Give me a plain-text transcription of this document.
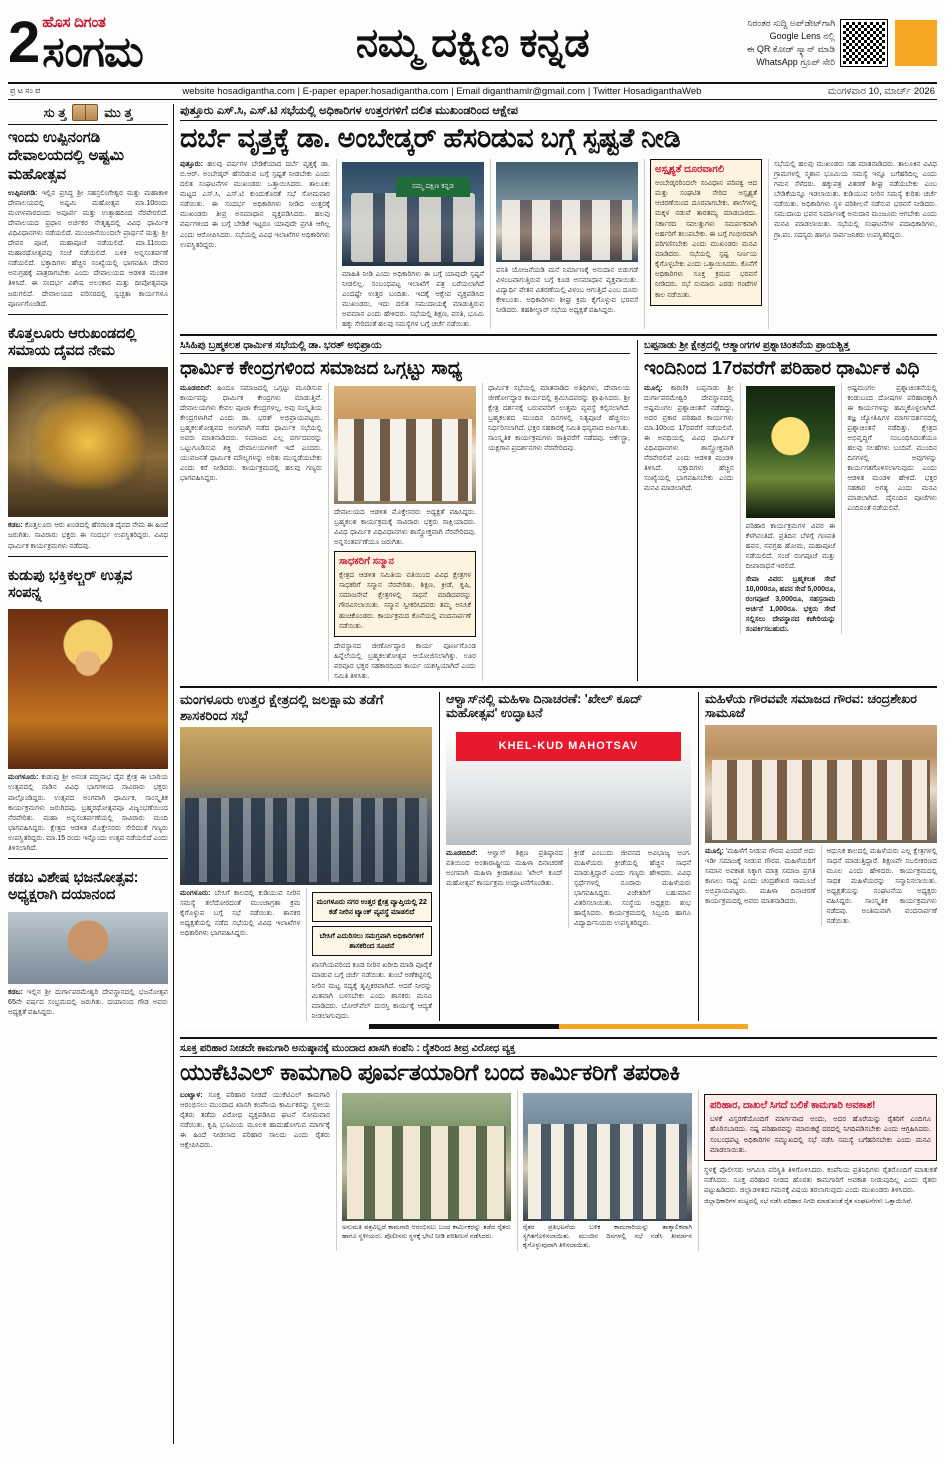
2 ಹೊಸ ದಿಗಂತ
ಸಂಗಮ	ನಮ್ಮ ದಕ್ಷಿಣ ಕನ್ನಡ	ನಿರಂತರ ಸುದ್ದಿ ಅಪ್‌ಡೇಟ್‌ಗಾಗಿ
Google Lens ನಲ್ಲಿ
ಈ QR ಕೋಡ್ ಸ್ಕ್ಯಾನ್ ಮಾಡಿ
WhatsApp ಗ್ರೂಪ್ ಸೇರಿ
ಪ್ರ ಟ ಸಂ ಪ	website hosadigantha.com | E-paper epaper.hosadigantha.com | Email diganthamlr@gmail.com | Twitter HosadiganthaWeb	ಮಂಗಳವಾರ 10, ಮಾರ್ಚ್ 2026
ಸು ತ್ತ	ಮು ತ್ತ
ಇಂದು ಉಪ್ಪಿನಂಗಡಿ ದೇವಾಲಯದಲ್ಲಿ ಅಷ್ಟಮಿ ಮಹೋತ್ಸವ
ಉಪ್ಪಿನಂಗಡಿ: ಇಲ್ಲಿನ ಪ್ರಸಿದ್ಧ ಶ್ರೀ ಸಹಸ್ರಲಿಂಗೇಶ್ವರ ಮತ್ತು ಮಹಾಕಾಳಿ ದೇವಾಲಯದಲ್ಲಿ ಅಷ್ಟಮಿ ಮಹೋತ್ಸವ ಮಾ.10ರಂದು ಮಂಗಳವಾರದಂದು ಅಪೂರ್ವ ಮತ್ತು ಉತ್ಸಾಹದಿಂದ ನೆರವೇರಲಿದೆ. ದೇವಾಲಯದ ಪ್ರಧಾನ ಅರ್ಚಕರ ನೇತೃತ್ವದಲ್ಲಿ ವಿವಿಧ ಧಾರ್ಮಿಕ ವಿಧಿವಿಧಾನಗಳು ನಡೆಯಲಿದೆ. ಮುಂಜಾನೆಯಿಂದಲೇ ಪ್ರಾರ್ಥನೆ ಮತ್ತು ಶ್ರೀ ದೇವರ ಪೂಜೆ, ಮಹಾಪೂಜೆ ನಡೆಯಲಿದೆ. ಮಾ.11ರಂದು ಮಹಾರಥೋತ್ಸವವು ಸಂಜೆ ನಡೆಯಲಿದೆ. ಬಳಿಕ ಅನ್ನಸಂತರ್ಪಣೆ ನಡೆಯಲಿದೆ. ಭಕ್ತಾದಿಗಳು ಹೆಚ್ಚಿನ ಸಂಖ್ಯೆಯಲ್ಲಿ ಭಾಗವಹಿಸಿ ದೇವರ ಅನುಗ್ರಹಕ್ಕೆ ಪಾತ್ರರಾಗಬೇಕು ಎಂದು ದೇವಾಲಯದ ಆಡಳಿತ ಮಂಡಳಿ ತಿಳಿಸಿದೆ. ಈ ಸಂದರ್ಭ ವಿಶೇಷ ಅಲಂಕಾರ ಮತ್ತು ದೀಪೋತ್ಸವವೂ ಜರುಗಲಿದೆ. ದೇವಾಲಯದ ಪರಿಸರದಲ್ಲಿ ಸ್ವಚ್ಛತಾ ಕಾರ್ಯಗಳೂ ಪೂರ್ಣಗೊಂಡಿದೆ.
ಕೊತ್ತಲೂರು ಆರುಖಂಡದಲ್ಲಿ ಸಮಾಯ ದೈವದ ನೇಮ
ಕಡಬ: ಕೊತ್ತಲೂರು ಆರು ಖಂಡದಲ್ಲಿ ಹೆಸರಾಂತ ದೈವದ ನೇಮ ಈ ಹಿಂದೆ ಜರುಗಿತು. ಸಾವಿರಾರು ಭಕ್ತರು ಈ ಸಂದರ್ಭ ಉಪಸ್ಥಿತರಿದ್ದರು. ವಿವಿಧ ಧಾರ್ಮಿಕ ಕಾರ್ಯಕ್ರಮಗಳು ನಡೆದವು.
ಕುಡುಪು ಭಕ್ತಿಕಲ್ಚರ್ ಉತ್ಸವ ಸಂಪನ್ನ
ಮಂಗಳೂರು: ಕುಡುಪು ಶ್ರೀ ಅನಂತ ಪದ್ಮನಾಭ ದೈವ ಕ್ಷೇತ್ರ ಈ ಬಾರಿಯ ಉತ್ಸವದಲ್ಲಿ ನಾಡಿನ ವಿವಿಧ ಭಾಗಗಳಿಂದ ಸಾವಿರಾರು ಭಕ್ತರು ಪಾಲ್ಗೊಂಡಿದ್ದರು. ಉತ್ಸವದ ಅಂಗವಾಗಿ ಧಾರ್ಮಿಕ, ಸಾಂಸ್ಕೃತಿಕ ಕಾರ್ಯಕ್ರಮಗಳು ಜರುಗಿದವು. ಬ್ರಹ್ಮರಥೋತ್ಸವವೂ ವಿಜೃಂಭಣೆಯಿಂದ ನೆರವೇರಿತು. ಮಹಾ ಅನ್ನಸಂತರ್ಪಣೆಯಲ್ಲಿ ಸಾವಿರಾರು ಮಂದಿ ಭಾಗವಹಿಸಿದ್ದರು. ಕ್ಷೇತ್ರದ ಆಡಳಿತ ಮೊಕ್ತೇಸರರು ಸೇರಿದಂತೆ ಗಣ್ಯರು ಉಪಸ್ಥಿತರಿದ್ದರು. ಮಾ.15 ರಂದು ಇನ್ನೊಂದು ಉತ್ಸವ ನಡೆಯಲಿದೆ ಎಂದು ತಿಳಿಸಲಾಗಿದೆ.
ಕಡಬ ವಿಶೇಷ ಭಜನೋತ್ಸವ: ಅಧ್ಯಕ್ಷರಾಗಿ ದಯಾನಂದ
ಕಡಬ: ಇಲ್ಲಿನ ಶ್ರೀ ದುರ್ಗಾಪರಮೇಶ್ವರಿ ದೇವಸ್ಥಾನದಲ್ಲಿ ಭಜನೋತ್ಸವ 65ನೇ ವರ್ಷದ ಸಂಭ್ರಮದಲ್ಲಿ ಜರುಗಿತು. ದಯಾನಂದ ಗೌಡ ಅವರು ಅಧ್ಯಕ್ಷತೆ ವಹಿಸಿದ್ದರು.
ಪುತ್ತೂರು ಎಸ್‌.ಸಿ, ಎಸ್‌.ಟಿ ಸಭೆಯಲ್ಲಿ ಅಧಿಕಾರಿಗಳ ಉತ್ತರಗಳಿಗೆ ದಲಿತ ಮುಖಂಡರಿಂದ ಆಕ್ಷೇಪ
ದರ್ಬೆ ವೃತ್ತಕ್ಕೆ ಡಾ. ಅಂಬೇಡ್ಕರ್ ಹೆಸರಿಡುವ ಬಗ್ಗೆ ಸ್ಪಷ್ಟತೆ ನೀಡಿ
ಪುತ್ತೂರು: ಹಲವು ವರ್ಷಗಳ ಬೇಡಿಕೆಯಾದ ದರ್ಬೆ ವೃತ್ತಕ್ಕೆ ಡಾ. ಬಿ.ಆರ್. ಅಂಬೇಡ್ಕರ್ ಹೆಸರಿಡುವ ಬಗ್ಗೆ ಸ್ಪಷ್ಟತೆ ನೀಡಬೇಕು ಎಂದು ದಲಿತ ಸಂಘಟನೆಗಳ ಮುಖಂಡರು ಒತ್ತಾಯಿಸಿದರು. ತಾಲೂಕು ಮಟ್ಟದ ಎಸ್‌.ಸಿ, ಎಸ್‌.ಟಿ ಕುಂದುಕೊರತೆ ಸಭೆ ಸೋಮವಾರ ನಡೆಯಿತು. ಈ ಸಂದರ್ಭ ಅಧಿಕಾರಿಗಳು ನೀಡಿದ ಉತ್ತರಕ್ಕೆ ಮುಖಂಡರು ತೀವ್ರ ಅಸಮಾಧಾನ ವ್ಯಕ್ತಪಡಿಸಿದರು. ಹಲವು ವರ್ಷಗಳಿಂದ ಈ ಬಗ್ಗೆ ಬೇಡಿಕೆ ಇಟ್ಟರೂ ಯಾವುದೇ ಪ್ರಗತಿ ಆಗಿಲ್ಲ ಎಂದು ಆರೋಪಿಸಿದರು. ಸಭೆಯಲ್ಲಿ ವಿವಿಧ ಇಲಾಖೆಗಳ ಅಧಿಕಾರಿಗಳು ಉಪಸ್ಥಿತರಿದ್ದರು.
ನಮ್ಮ ದಕ್ಷಿಣ ಕನ್ನಡ
ಮಾಹಿತಿ ನೀಡಿ ಎಂದು ಅಧಿಕಾರಿಗಳು ಈ ಬಗ್ಗೆ ಯಾವುದೇ ಸ್ಪಷ್ಟನೆ ನೀಡಲಿಲ್ಲ. ಸಂಬಂಧಪಟ್ಟ ಇಲಾಖೆಗೆ ಪತ್ರ ಬರೆಯಲಾಗಿದೆ ಎಂದಷ್ಟೇ ಉತ್ತರ ಬಂದಿತು. ಇದಕ್ಕೆ ಆಕ್ಷೇಪ ವ್ಯಕ್ತಪಡಿಸಿದ ಮುಖಂಡರು, ಇದು ದಲಿತ ಸಮುದಾಯಕ್ಕೆ ಮಾಡುತ್ತಿರುವ ಅವಮಾನ ಎಂದು ಹೇಳಿದರು. ಸಭೆಯಲ್ಲಿ ಶಿಕ್ಷಣ, ವಸತಿ, ಭೂಮಿ ಹಕ್ಕು ಸೇರಿದಂತೆ ಹಲವು ಸಮಸ್ಯೆಗಳ ಬಗ್ಗೆ ಚರ್ಚೆ ನಡೆಯಿತು.
ವಸತಿ ಯೋಜನೆಯಡಿ ಮನೆ ನಿರ್ಮಾಣಕ್ಕೆ ಅನುದಾನ ಬಿಡುಗಡೆ ವಿಳಂಬವಾಗುತ್ತಿರುವ ಬಗ್ಗೆ ಕೂಡ ಅಸಮಾಧಾನ ವ್ಯಕ್ತವಾಯಿತು. ವಿದ್ಯಾರ್ಥಿ ವೇತನ ವಿತರಣೆಯಲ್ಲಿ ವಿಳಂಬ ಆಗುತ್ತಿದೆ ಎಂಬ ದೂರು ಕೇಳಿಬಂತು. ಅಧಿಕಾರಿಗಳು ಶೀಘ್ರ ಕ್ರಮ ಕೈಗೊಳ್ಳುವ ಭರವಸೆ ನೀಡಿದರು. ತಹಶೀಲ್ದಾರ್ ಸಭೆಯ ಅಧ್ಯಕ್ಷತೆ ವಹಿಸಿದ್ದರು.
ಅಸ್ಪೃಶ್ಯತೆ ದೂರವಾಗಲಿ
ಅಂಬೇಡ್ಕರರಿಂದಲೇ ಸಂವಿಧಾನ ಪರಿಪಕ್ವ ಆದ ಮತ್ತು ಸಂಘಟಿತ ಸೇರಿದ ಅಸ್ಪೃಶ್ಯತೆ ಆಚರಣೆಯಿಂದ ದೂರವಾಗಬೇಕು. ಶಾಲೆಗಳಲ್ಲಿ ಮಕ್ಕಳ ನಡುವೆ ತಾರತಮ್ಯ ಮಾಡಬಾರದು. ಸರ್ಕಾರದ ಸವಲತ್ತುಗಳು ಸಮರ್ಪಕವಾಗಿ ಅರ್ಹರಿಗೆ ತಲುಪಬೇಕು. ಈ ಬಗ್ಗೆ ಗಂಭೀರವಾಗಿ ಪರಿಗಣಿಸಬೇಕು ಎಂದು ಮುಖಂಡರು ಮನವಿ ಮಾಡಿದರು. ಸಭೆಯಲ್ಲಿ ಸ್ಪಷ್ಟ ನಿರ್ಣಯ ಕೈಗೊಳ್ಳಬೇಕು ಎಂದು ಒತ್ತಾಯಿಸಿದರು. ಕೊನೆಗೆ ಅಧಿಕಾರಿಗಳು ಸೂಕ್ತ ಕ್ರಮದ ಭರವಸೆ ನೀಡಿದರು. ಸಭೆ ಸುಮಾರು ಎರಡು ಗಂಟೆಗಳ ಕಾಲ ನಡೆಯಿತು.
ಸಭೆಯಲ್ಲಿ ಹಲವು ಮುಖಂಡರು ಸಹ ಮಾತನಾಡಿದರು. ತಾಲೂಕಿನ ವಿವಿಧ ಗ್ರಾಮಗಳಲ್ಲಿ ಸ್ಮಶಾನ ಭೂಮಿಯ ಸಮಸ್ಯೆ ಇನ್ನೂ ಬಗೆಹರಿದಿಲ್ಲ ಎಂದು ಗಮನ ಸೆಳೆದರು. ಹಕ್ಕುಪತ್ರ ವಿತರಣೆ ಶೀಘ್ರ ನಡೆಯಬೇಕು ಎಂಬ ಬೇಡಿಕೆಯನ್ನೂ ಇಡಲಾಯಿತು. ಕುಡಿಯುವ ನೀರಿನ ಸಮಸ್ಯೆ ಕುರಿತು ಚರ್ಚೆ ನಡೆಯಿತು. ಅಧಿಕಾರಿಗಳು ಸ್ಥಳ ಪರಿಶೀಲನೆ ನಡೆಸುವ ಭರವಸೆ ನೀಡಿದರು. ಸಮುದಾಯ ಭವನ ನಿರ್ಮಾಣಕ್ಕೆ ಅನುದಾನ ಮಂಜೂರು ಆಗಬೇಕು ಎಂದು ಮನವಿ ಮಾಡಲಾಯಿತು. ಸಭೆಯಲ್ಲಿ ಸಂಘಟನೆಗಳ ಪದಾಧಿಕಾರಿಗಳು, ಗ್ರಾ.ಪಂ. ಸದಸ್ಯರು ಹಾಗೂ ಸಾರ್ವಜನಿಕರು ಉಪಸ್ಥಿತರಿದ್ದರು.
ಸಿಸಿಹಿಪು ಬ್ರಹ್ಮಕಲಶ ಧಾರ್ಮಿಕ ಸಭೆಯಲ್ಲಿ ಡಾ. ಭರತ್ ಅಭಿಪ್ರಾಯ
ಧಾರ್ಮಿಕ ಕೇಂದ್ರಗಳಿಂದ ಸಮಾಜದ ಒಗ್ಗಟ್ಟು ಸಾಧ್ಯ
ಮೂಡಬಿದಿರೆ: ಹಿಂದೂ ಸಮಾಜದಲ್ಲಿ ಒಗ್ಗಟ್ಟು ಮೂಡಿಸುವ ಕಾರ್ಯವನ್ನು ಧಾರ್ಮಿಕ ಕೇಂದ್ರಗಳು ಮಾಡುತ್ತಿವೆ. ದೇವಾಲಯಗಳು ಕೇವಲ ಪೂಜಾ ಕೇಂದ್ರಗಳಲ್ಲ, ಅವು ಸಂಸ್ಕೃತಿಯ ಕೇಂದ್ರಗಳಾಗಿವೆ ಎಂದು ಡಾ. ಭರತ್ ಅಭಿಪ್ರಾಯಪಟ್ಟರು. ಬ್ರಹ್ಮಕಲಶೋತ್ಸವದ ಅಂಗವಾಗಿ ನಡೆದ ಧಾರ್ಮಿಕ ಸಭೆಯಲ್ಲಿ ಅವರು ಮಾತನಾಡಿದರು. ಸಮಾಜದ ಎಲ್ಲ ವರ್ಗದವರನ್ನು ಒಟ್ಟುಗೂಡಿಸುವ ಶಕ್ತಿ ದೇವಾಲಯಗಳಿಗೆ ಇದೆ ಎಂದರು. ಯುವಜನತೆ ಧಾರ್ಮಿಕ ಮೌಲ್ಯಗಳನ್ನು ಅರಿತು ಮುನ್ನಡೆಯಬೇಕು ಎಂದು ಕರೆ ನೀಡಿದರು. ಕಾರ್ಯಕ್ರಮದಲ್ಲಿ ಹಲವು ಗಣ್ಯರು ಭಾಗವಹಿಸಿದ್ದರು.
ದೇವಾಲಯದ ಆಡಳಿತ ಮೊಕ್ತೇಸರರು ಅಧ್ಯಕ್ಷತೆ ವಹಿಸಿದ್ದರು. ಬ್ರಹ್ಮಕಲಶ ಕಾರ್ಯಕ್ರಮಕ್ಕೆ ಸಾವಿರಾರು ಭಕ್ತರು ಸಾಕ್ಷಿಯಾದರು. ವಿವಿಧ ಧಾರ್ಮಿಕ ವಿಧಿವಿಧಾನಗಳು ಶಾಸ್ತ್ರೋಕ್ತವಾಗಿ ನೆರವೇರಿದವು. ಅನ್ನಸಂತರ್ಪಣೆಯೂ ಜರುಗಿತು.
ಸಾಧಕರಿಗೆ ಸನ್ಮಾನ
ಕ್ಷೇತ್ರದ ಆಡಳಿತ ಸಮಿತಿಯ ವತಿಯಿಂದ ವಿವಿಧ ಕ್ಷೇತ್ರಗಳ ಸಾಧಕರಿಗೆ ಸನ್ಮಾನ ನೆರವೇರಿತು. ಶಿಕ್ಷಣ, ಕ್ರೀಡೆ, ಕೃಷಿ, ಸಮಾಜಸೇವೆ ಕ್ಷೇತ್ರಗಳಲ್ಲಿ ಸಾಧನೆ ಮಾಡಿದವರನ್ನು ಗೌರವಿಸಲಾಯಿತು. ಸನ್ಮಾನ ಸ್ವೀಕರಿಸಿದವರು ತಮ್ಮ ಅನಿಸಿಕೆ ಹಂಚಿಕೊಂಡರು. ಕಾರ್ಯಕ್ರಮದ ಕೊನೆಯಲ್ಲಿ ವಂದನಾರ್ಪಣೆ ನಡೆಯಿತು.
ದೇವಸ್ಥಾನದ ಜೀರ್ಣೋದ್ಧಾರ ಕಾರ್ಯ ಪೂರ್ಣಗೊಂಡ ಹಿನ್ನೆಲೆಯಲ್ಲಿ ಬ್ರಹ್ಮಕಲಶೋತ್ಸವ ಆಯೋಜಿಸಲಾಗಿತ್ತು. ಊರ ಪರವೂರ ಭಕ್ತರ ಸಹಕಾರದಿಂದ ಕಾರ್ಯ ಯಶಸ್ವಿಯಾಗಿದೆ ಎಂದು ಸಮಿತಿ ತಿಳಿಸಿತು.
ಧಾರ್ಮಿಕ ಸಭೆಯಲ್ಲಿ ಮಾತನಾಡಿದ ಅತಿಥಿಗಳು, ದೇವಾಲಯ ಜೀರ್ಣೋದ್ಧಾರ ಕಾರ್ಯದಲ್ಲಿ ಶ್ರಮಿಸಿದವರನ್ನು ಶ್ಲಾಘಿಸಿದರು. ಶ್ರೀ ಕ್ಷೇತ್ರ ದರ್ಶನಕ್ಕೆ ಬರುವವರಿಗೆ ಉತ್ತಮ ವ್ಯವಸ್ಥೆ ಕಲ್ಪಿಸಲಾಗಿದೆ. ಬ್ರಹ್ಮಕಲಶದ ಮುಂದಿನ ದಿನಗಳಲ್ಲಿ ನಿತ್ಯಪೂಜೆ ಹೆಚ್ಚಿಸಲು ನಿರ್ಧರಿಸಲಾಗಿದೆ. ಭಕ್ತರ ಸಹಕಾರಕ್ಕೆ ಸಮಿತಿ ಧನ್ಯವಾದ ಅರ್ಪಿಸಿತು. ಸಾಂಸ್ಕೃತಿಕ ಕಾರ್ಯಕ್ರಮಗಳು ರಾತ್ರಿವರೆಗೆ ನಡೆದವು. ಆರ್ಕೆಸ್ಟ್ರಾ, ಯಕ್ಷಗಾನ ಪ್ರದರ್ಶನಗಳು ನೆರವೇರಿದವು.
ಬಪ್ಪನಾಡು ಶ್ರೀ ಕ್ಷೇತ್ರದಲ್ಲಿ ಆತ್ಮಾಂಗಗಳ ಪ್ರಶ್ನಾಚಿಂತನೆಯ ಪ್ರಾಯಶ್ಚಿತ್ತ
ಇಂದಿನಿಂದ 17ರವರೆಗೆ ಪರಿಹಾರ ಧಾರ್ಮಿಕ ವಿಧಿ
ಮೂಲ್ಕಿ: ಕಾರಣಿಕ ಬಪ್ಪನಾಡು ಶ್ರೀ ದುರ್ಗಾಪರಮೇಶ್ವರಿ ದೇವಸ್ಥಾನದಲ್ಲಿ ಅಷ್ಟಮಂಗಲ ಪ್ರಶ್ನಾಚಿಂತನೆ ನಡೆದಿದ್ದು, ಅದರ ಪ್ರಕಾರ ಪರಿಹಾರ ಕಾರ್ಯಗಳು ಮಾ.10ರಿಂದ 17ರವರೆಗೆ ನಡೆಯಲಿವೆ. ಈ ಅವಧಿಯಲ್ಲಿ ವಿವಿಧ ಧಾರ್ಮಿಕ ವಿಧಿವಿಧಾನಗಳು ಶಾಸ್ತ್ರೋಕ್ತವಾಗಿ ನೆರವೇರಲಿವೆ ಎಂದು ಆಡಳಿತ ಮಂಡಳಿ ತಿಳಿಸಿದೆ. ಭಕ್ತಾದಿಗಳು ಹೆಚ್ಚಿನ ಸಂಖ್ಯೆಯಲ್ಲಿ ಭಾಗವಹಿಸಬೇಕು ಎಂದು ಮನವಿ ಮಾಡಲಾಗಿದೆ.
ಪರಿಹಾರ ಕಾರ್ಯಕ್ರಮಗಳ ವಿವರ ಈ ಕೆಳಗಿನಂತಿದೆ. ಪ್ರತಿದಿನ ಬೆಳಗ್ಗೆ ಗಣಪತಿ ಹವನ, ನವಗ್ರಹ ಹೋಮ, ಮಹಾಪೂಜೆ ನಡೆಯಲಿದೆ. ಸಂಜೆ ರಂಗಪೂಜೆ ಮತ್ತು ದೀಪಾರಾಧನೆ ಇರಲಿದೆ.
ಸೇವಾ ವಿವರ: ಬ್ರಹ್ಮಕಲಶ ಸೇವೆ 10,000ರೂ, ಹವನ ಸೇವೆ 5,000ರೂ, ರಂಗಪೂಜೆ 3,000ರೂ, ಸಹಸ್ರನಾಮ ಅರ್ಚನೆ 1,000ರೂ. ಭಕ್ತರು ಸೇವೆ ಸಲ್ಲಿಸಲು ದೇವಸ್ಥಾನದ ಕಚೇರಿಯನ್ನು ಸಂಪರ್ಕಿಸಬಹುದು.
ಅಷ್ಟಮಂಗಲ ಪ್ರಶ್ನಾಚಿಂತನೆಯಲ್ಲಿ ಕಂಡುಬಂದ ದೋಷಗಳ ಪರಿಹಾರಕ್ಕಾಗಿ ಈ ಕಾರ್ಯಗಳನ್ನು ಹಮ್ಮಿಕೊಳ್ಳಲಾಗಿದೆ. ತಜ್ಞ ಜ್ಯೋತಿಷಿಗಳ ಮಾರ್ಗದರ್ಶನದಲ್ಲಿ ಪ್ರಶ್ನಾಚಿಂತನೆ ನಡೆದಿತ್ತು. ಕ್ಷೇತ್ರದ ಅಭಿವೃದ್ಧಿಗೆ ಸಂಬಂಧಿಸಿದಂತೆಯೂ ಹಲವು ಸಲಹೆಗಳು ಬಂದಿವೆ. ಮುಂದಿನ ದಿನಗಳಲ್ಲಿ ಅವುಗಳನ್ನು ಕಾರ್ಯಗತಗೊಳಿಸಲಾಗುವುದು ಎಂದು ಆಡಳಿತ ಮಂಡಳಿ ಹೇಳಿದೆ. ಭಕ್ತರ ಸಹಕಾರ ಅಗತ್ಯ ಎಂದು ಮನವಿ ಮಾಡಲಾಗಿದೆ. ದೈನಂದಿನ ಪೂಜೆಗಳು ಎಂದಿನಂತೆ ನಡೆಯಲಿವೆ.
ಮಂಗಳೂರು ಉತ್ತರ ಕ್ಷೇತ್ರದಲ್ಲಿ ಜಲಕ್ಷಾಮ ತಡೆಗೆ ಶಾಸಕರಿಂದ ಸಭೆ
ಮಂಗಳೂರು: ಬೇಸಿಗೆ ಕಾಲದಲ್ಲಿ ಕುಡಿಯುವ ನೀರಿನ ಸಮಸ್ಯೆ ತಲೆದೋರದಂತೆ ಮುಂಜಾಗ್ರತಾ ಕ್ರಮ ಕೈಗೊಳ್ಳುವ ಬಗ್ಗೆ ಸಭೆ ನಡೆಯಿತು. ಶಾಸಕರ ಅಧ್ಯಕ್ಷತೆಯಲ್ಲಿ ನಡೆದ ಸಭೆಯಲ್ಲಿ ವಿವಿಧ ಇಲಾಖೆಗಳ ಅಧಿಕಾರಿಗಳು ಭಾಗವಹಿಸಿದ್ದರು.
ಮಂಗಳೂರು ನಗರ ಉತ್ತರ ಕ್ಷೇತ್ರ ವ್ಯಾಪ್ತಿಯಲ್ಲಿ 22 ಕಡೆ ನೀರಿನ ಟ್ಯಾಂಕ್ ವ್ಯವಸ್ಥೆ ಮಾಡಲಿದೆ
ಬೇಸಿಗೆ ಎದುರಿಸಲು ಸಮಗ್ರವಾಗಿ ಅಧಿಕಾರಿಗಳಿಗೆ ಶಾಸಕರಿಂದ ಸೂಚನೆ
ಖಾಸಗಿಯವರಿಂದ ಕೂಡ ನೀರಿನ ಖರೀದಿ ಮಾಡಿ ಪೂರೈಕೆ ಮಾಡುವ ಬಗ್ಗೆ ಚರ್ಚೆ ನಡೆಯಿತು. ತುಂಬೆ ಅಣೆಕಟ್ಟಿನಲ್ಲಿ ನೀರಿನ ಮಟ್ಟ ಸದ್ಯಕ್ಕೆ ತೃಪ್ತಿಕರವಾಗಿದೆ. ಆದರೆ ನೀರನ್ನು ಮಿತವಾಗಿ ಬಳಸಬೇಕು ಎಂದು ಶಾಸಕರು ಮನವಿ ಮಾಡಿದರು. ಬೋರ್‌ವೆಲ್ ದುರಸ್ತಿ ಕಾರ್ಯಕ್ಕೆ ಆದ್ಯತೆ ನೀಡಲಾಗುವುದು.
ಆಳ್ವಾಸ್‌ನಲ್ಲಿ ಮಹಿಳಾ ದಿನಾಚರಣೆ: 'ಖೇಲ್ ಕೂದ್ ಮಹೋತ್ಸವ' ಉದ್ಘಾಟನೆ
KHEL-KUD MAHOTSAV
ಮೂಡಬಿದಿರೆ: ಆಳ್ವಾಸ್ ಶಿಕ್ಷಣ ಪ್ರತಿಷ್ಠಾನದ ವತಿಯಿಂದ ಅಂತಾರಾಷ್ಟ್ರೀಯ ಮಹಿಳಾ ದಿನಾಚರಣೆ ಅಂಗವಾಗಿ ಮಹಿಳಾ ಕ್ರೀಡಾಕೂಟ 'ಖೇಲ್ ಕೂದ್ ಮಹೋತ್ಸವ' ಕಾರ್ಯಕ್ರಮ ಉದ್ಘಾಟನೆಗೊಂಡಿತು.
ಕ್ರೀಡೆ ಎಂಬುದು ಜೀವನದ ಅವಿಭಾಜ್ಯ ಅಂಗ. ಮಹಿಳೆಯರು ಕ್ರೀಡೆಯಲ್ಲಿ ಹೆಚ್ಚಿನ ಸಾಧನೆ ಮಾಡುತ್ತಿದ್ದಾರೆ ಎಂದು ಗಣ್ಯರು ಹೇಳಿದರು. ವಿವಿಧ ಸ್ಪರ್ಧೆಗಳಲ್ಲಿ ನೂರಾರು ಮಹಿಳೆಯರು ಭಾಗವಹಿಸಿದ್ದರು. ವಿಜೇತರಿಗೆ ಬಹುಮಾನ ವಿತರಿಸಲಾಯಿತು. ಸಂಸ್ಥೆಯ ಅಧ್ಯಕ್ಷರು ಶುಭ ಹಾರೈಸಿದರು. ಕಾರ್ಯಕ್ರಮದಲ್ಲಿ ಸಿಬ್ಬಂದಿ ಹಾಗೂ ವಿದ್ಯಾರ್ಥಿನಿಯರು ಉಪಸ್ಥಿತರಿದ್ದರು.
ಮಹಿಳೆಯ ಗೌರವವೇ ಸಮಾಜದ ಗೌರವ: ಚಂದ್ರಶೇಖರ ಸಾಮೂಜೆ
ಮೂಲ್ಕಿ: 'ಮಹಿಳೆಗೆ ನೀಡುವ ಗೌರವ ಎಂದರೆ ಅದು ಇಡೀ ಸಮಾಜಕ್ಕೆ ನೀಡುವ ಗೌರವ. ಮಹಿಳೆಯರಿಗೆ ಸಮಾನ ಅವಕಾಶ ಸಿಕ್ಕಾಗ ಮಾತ್ರ ಸಮಾಜ ಪ್ರಗತಿ ಕಾಣಲು ಸಾಧ್ಯ' ಎಂದು ಚಂದ್ರಶೇಖರ ಸಾಮೂಜೆ ಅಭಿಪ್ರಾಯಪಟ್ಟರು. ಮಹಿಳಾ ದಿನಾಚರಣೆ ಕಾರ್ಯಕ್ರಮದಲ್ಲಿ ಅವರು ಮಾತನಾಡಿದರು.
ಆಧುನಿಕ ಕಾಲದಲ್ಲಿ ಮಹಿಳೆಯರು ಎಲ್ಲ ಕ್ಷೇತ್ರಗಳಲ್ಲಿ ಸಾಧನೆ ಮಾಡುತ್ತಿದ್ದಾರೆ. ಶಿಕ್ಷಣವೇ ಸಬಲೀಕರಣದ ಮೂಲ ಎಂದು ಹೇಳಿದರು. ಕಾರ್ಯಕ್ರಮದಲ್ಲಿ ಸಾಧಕ ಮಹಿಳೆಯರನ್ನು ಸನ್ಮಾನಿಸಲಾಯಿತು. ಅಧ್ಯಕ್ಷತೆಯನ್ನು ಸಂಘಟನೆಯ ಅಧ್ಯಕ್ಷರು ವಹಿಸಿದ್ದರು. ಸಾಂಸ್ಕೃತಿಕ ಕಾರ್ಯಕ್ರಮಗಳು ನಡೆದವು. ಅಂತಿಮವಾಗಿ ವಂದನಾರ್ಪಣೆ ನಡೆಯಿತು.
ಸೂಕ್ತ ಪರಿಹಾರ ನೀಡದೇ ಕಾಮಗಾರಿ ಅನುಷ್ಠಾನಕ್ಕೆ ಮುಂದಾದ ಖಾಸಗಿ ಕಂಪೆನಿ : ರೈತರಿಂದ ತೀವ್ರ ವಿರೋಧ ವ್ಯಕ್ತ
ಯುಕೆಟಿಎಲ್ ಕಾಮಗಾರಿ ಪೂರ್ವತಯಾರಿಗೆ ಬಂದ ಕಾರ್ಮಿಕರಿಗೆ ತಪರಾಕಿ
ಬಂಟ್ವಾಳ: ಸೂಕ್ತ ಪರಿಹಾರ ನೀಡದೆ ಯುಕೆಟಿಎಲ್ ಕಾಮಗಾರಿ ಆರಂಭಿಸಲು ಮುಂದಾದ ಖಾಸಗಿ ಕಂಪೆನಿಯ ಕಾರ್ಮಿಕರನ್ನು ಸ್ಥಳೀಯ ರೈತರು ತಡೆದು ವಿರೋಧ ವ್ಯಕ್ತಪಡಿಸಿದ ಘಟನೆ ಸೋಮವಾರ ನಡೆಯಿತು. ಕೃಷಿ ಭೂಮಿಯ ಮೂಲಕ ಹಾದುಹೋಗುವ ಮಾರ್ಗಕ್ಕೆ ಈ ಹಿಂದೆ ನೀಡಲಾದ ಪರಿಹಾರ ಸಾಲದು ಎಂದು ರೈತರು ಆಕ್ಷೇಪಿಸಿದರು.
ಅನುಮತಿ ಪತ್ರವಿಲ್ಲದೆ ಕಾಮಗಾರಿ ಆರಂಭಿಸಲು ಬಂದ ಕಾರ್ಮಿಕರನ್ನು ತಡೆದ ರೈತರು ಹಾಗೂ ಸ್ಥಳೀಯರು. ಪೊಲೀಸರು ಸ್ಥಳಕ್ಕೆ ಭೇಟಿ ನೀಡಿ ಪರಿಶೀಲನೆ ನಡೆಸಿದರು.
ರೈತರ ಪ್ರತಿಭಟನೆಯ ಬಳಿಕ ಕಾಮಗಾರಿಯನ್ನು ತಾತ್ಕಾಲಿಕವಾಗಿ ಸ್ಥಗಿತಗೊಳಿಸಲಾಯಿತು. ಮುಂದಿನ ದಿನಗಳಲ್ಲಿ ಸಭೆ ನಡೆಸಿ ತೀರ್ಮಾನ ಕೈಗೊಳ್ಳುವುದಾಗಿ ತಿಳಿಸಲಾಯಿತು.
ಪರಿಹಾರ, ದಾಖಲೆ ಸಿಗದೆ ಬಲಿಕೆ ಕಾಮಗಾರಿ ಅವಕಾಶ!
ಬಳಕೆ ವಿಸ್ತರಣೆಯೊಂದಿಗೆ ಮಾರ್ಗವಾದ ಅಂದು, ಅದರ ಹೊರೆಯನ್ನು ರೈತರಿಗೆ ಎಂದಿಗೂ ಹೊರಿಸಬಾರದು. ನಷ್ಟ ಪರಿಹಾರವನ್ನು ಮಾರುಕಟ್ಟೆ ದರದಲ್ಲಿ ನಿಗದಿಪಡಿಸಬೇಕು ಎಂದು ಆಗ್ರಹಿಸಿದರು. ಸಂಬಂಧಪಟ್ಟ ಅಧಿಕಾರಿಗಳ ಸಮ್ಮುಖದಲ್ಲಿ ಸಭೆ ನಡೆಸಿ ಸಮಸ್ಯೆ ಬಗೆಹರಿಸಬೇಕು ಎಂದು ಮನವಿ ಮಾಡಲಾಯಿತು.
ಸ್ಥಳಕ್ಕೆ ಪೊಲೀಸರು ಆಗಮಿಸಿ ಪರಿಸ್ಥಿತಿ ತಿಳಿಗೊಳಿಸಿದರು. ಕಂಪೆನಿಯ ಪ್ರತಿನಿಧಿಗಳು ರೈತರೊಂದಿಗೆ ಮಾತುಕತೆ ನಡೆಸಿದರು. ಸೂಕ್ತ ಪರಿಹಾರ ನೀಡದ ಹೊರತು ಕಾಮಗಾರಿಗೆ ಅವಕಾಶ ನೀಡುವುದಿಲ್ಲ ಎಂದು ರೈತರು ಪಟ್ಟುಹಿಡಿದರು. ಜಿಲ್ಲಾಡಳಿತದ ಗಮನಕ್ಕೆ ವಿಷಯ ತರಲಾಗುವುದು ಎಂದು ಮುಖಂಡರು ತಿಳಿಸಿದರು.
ಜಿಲ್ಲಾಧಿಕಾರಿಗಳ ಮಟ್ಟದಲ್ಲಿ ಸಭೆ ನಡೆಸಿ ಪರಿಹಾರ ನಿಗದಿ ಮಾಡುವಂತೆ ರೈತ ಸಂಘಟನೆಗಳು ಒತ್ತಾಯಿಸಿವೆ.
